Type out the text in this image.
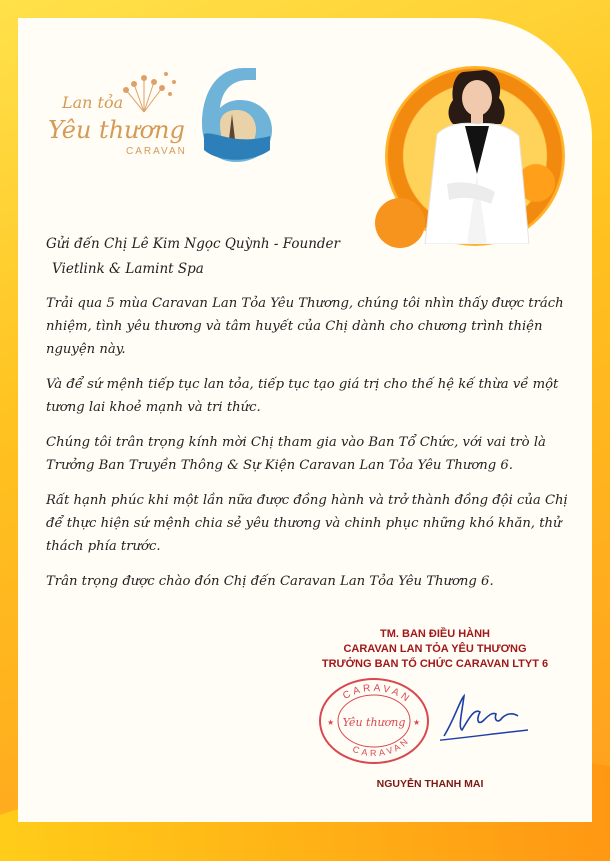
Lan tỏa
Yêu thương
CARAVAN
Gửi đến Chị Lê Kim Ngọc Quỳnh - Founder
Vietlink & Lamint Spa

Trải qua 5 mùa Caravan Lan Tỏa Yêu Thương, chúng tôi nhìn thấy được trách nhiệm, tình yêu thương và tâm huyết của Chị dành cho chương trình thiện nguyện này.

Và để sứ mệnh tiếp tục lan tỏa, tiếp tục tạo giá trị cho thế hệ kế thừa về một tương lai khoẻ mạnh và tri thức.

Chúng tôi trân trọng kính mời Chị tham gia vào Ban Tổ Chức, với vai trò là Trưởng Ban Truyền Thông & Sự Kiện Caravan Lan Tỏa Yêu Thương 6.

Rất hạnh phúc khi một lần nữa được đồng hành và trở thành đồng đội của Chị để thực hiện sứ mệnh chia sẻ yêu thương và chinh phục những khó khăn, thử thách phía trước.

Trân trọng được chào đón Chị đến Caravan Lan Tỏa Yêu Thương 6.

TM. BAN ĐIỀU HÀNH
CARAVAN LAN TỎA YÊU THƯƠNG
TRƯỞNG BAN TỔ CHỨC CARAVAN LTYT 6
CARAVAN
CARAVAN
Yêu thương
★	★
NGUYỄN THANH MAI
